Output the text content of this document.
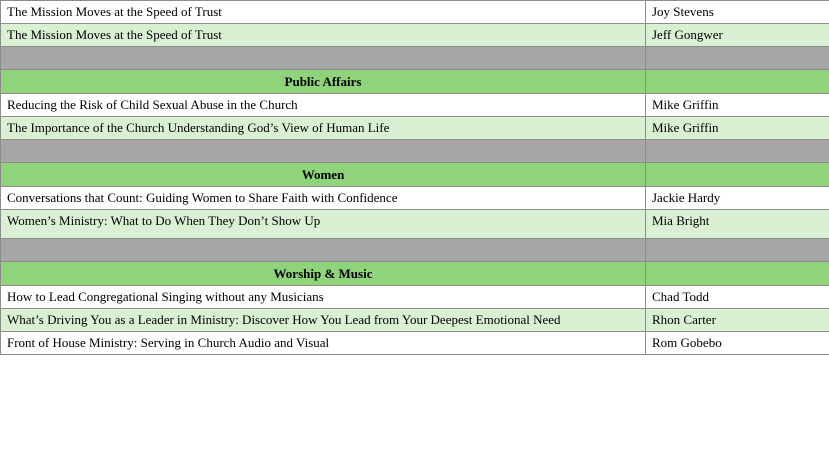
The Mission Moves at the Speed of Trust	Joy Stevens
The Mission Moves at the Speed of Trust	Jeff Gongwer

Public Affairs	
Reducing the Risk of Child Sexual Abuse in the Church	Mike Griffin
The Importance of the Church Understanding God’s View of Human Life	Mike Griffin

Women	
Conversations that Count: Guiding Women to Share Faith with Confidence	Jackie Hardy
Women’s Ministry: What to Do When They Don’t Show Up	Mia Bright

Worship & Music	
How to Lead Congregational Singing without any Musicians	Chad Todd
What’s Driving You as a Leader in Ministry: Discover How You Lead from Your Deepest Emotional Need	Rhon Carter
Front of House Ministry: Serving in Church Audio and Visual	Rom Gobebo
